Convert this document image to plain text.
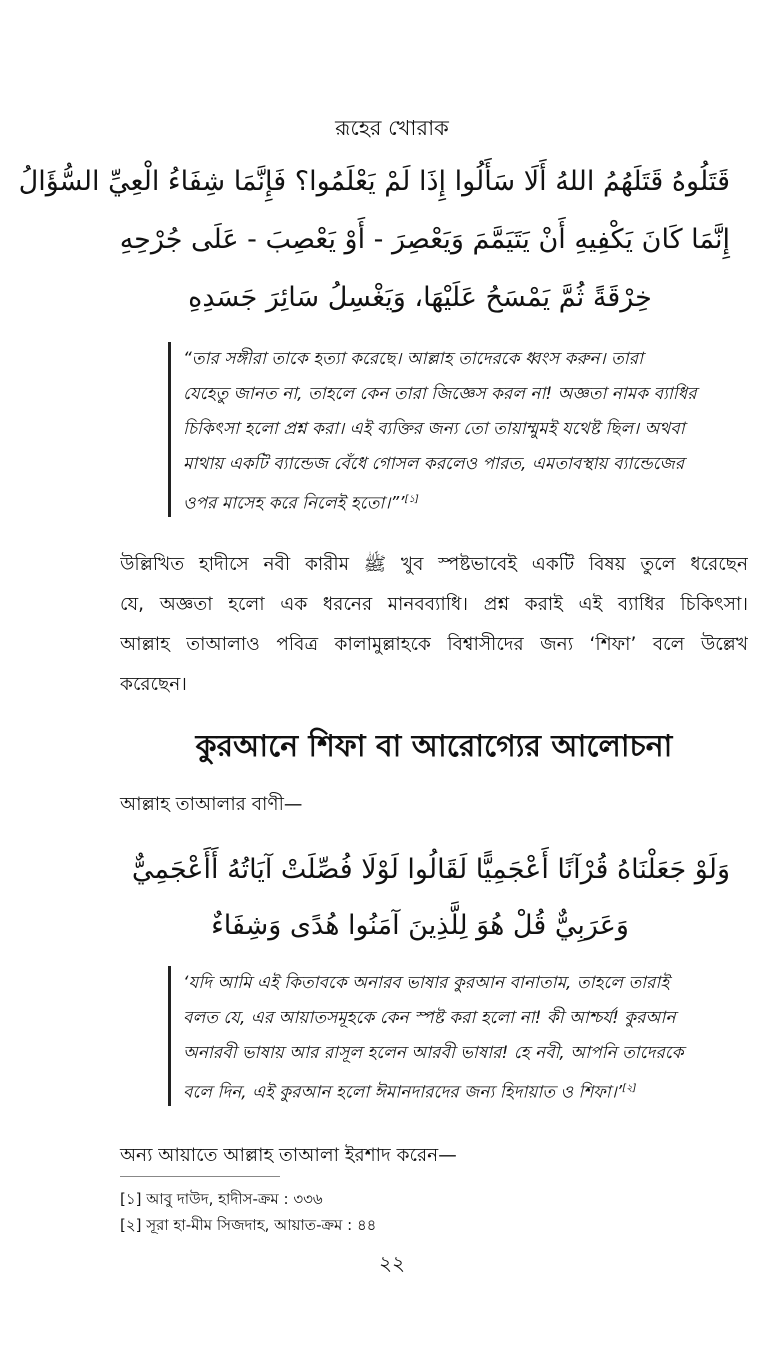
রূহের খোরাক
قَتَلُوهُ قَتَلَهُمُ اللهُ أَلَا سَأَلُوا إِذَا لَمْ يَعْلَمُوا؟ فَإِنَّمَا شِفَاءُ الْعِيِّ السُّؤَالُ
إِنَّمَا كَانَ يَكْفِيهِ أَنْ يَتَيَمَّمَ وَيَعْصِرَ - أَوْ يَعْصِبَ - عَلَى جُرْحِهِ
خِرْقَةً ثُمَّ يَمْسَحُ عَلَيْهَا، وَيَغْسِلُ سَائِرَ جَسَدِهِ
“তার সঙ্গীরা তাকে হত্যা করেছে। আল্লাহ তাদেরকে ধ্বংস করুন। তারা
যেহেতু জানত না, তাহলে কেন তারা জিজ্ঞেস করল না! অজ্ঞতা নামক ব্যাধির
চিকিৎসা হলো প্রশ্ন করা। এই ব্যক্তির জন্য তো তায়াম্মুমই যথেষ্ট ছিল। অথবা
মাথায় একটি ব্যান্ডেজ বেঁধে গোসল করলেও পারত, এমতাবস্থায় ব্যান্ডেজের
ওপর মাসেহ করে নিলেই হতো।”’[১]
উল্লিখিত হাদীসে নবী কারীম ﷺ খুব স্পষ্টভাবেই একটি বিষয় তুলে ধরেছেন
যে, অজ্ঞতা হলো এক ধরনের মানবব্যাধি। প্রশ্ন করাই এই ব্যাধির চিকিৎসা।
আল্লাহ তাআলাও পবিত্র কালামুল্লাহকে বিশ্বাসীদের জন্য ‘শিফা’ বলে উল্লেখ
করেছেন।
কুরআনে শিফা বা আরোগ্যের আলোচনা
আল্লাহ তাআলার বাণী—
وَلَوْ جَعَلْنَاهُ قُرْآنًا أَعْجَمِيًّا لَقَالُوا لَوْلَا فُصِّلَتْ آيَاتُهُ أَأَعْجَمِيٌّ
وَعَرَبِيٌّ قُلْ هُوَ لِلَّذِينَ آمَنُوا هُدًى وَشِفَاءٌ
‘যদি আমি এই কিতাবকে অনারব ভাষার কুরআন বানাতাম, তাহলে তারাই
বলত যে, এর আয়াতসমূহকে কেন স্পষ্ট করা হলো না! কী আশ্চর্য! কুরআন
অনারবী ভাষায় আর রাসূল হলেন আরবী ভাষার! হে নবী, আপনি তাদেরকে
বলে দিন, এই কুরআন হলো ঈমানদারদের জন্য হিদায়াত ও শিফা।’[২]
অন্য আয়াতে আল্লাহ তাআলা ইরশাদ করেন—
[১] আবু দাউদ, হাদীস-ক্রম : ৩৩৬
[২] সূরা হা-মীম সিজদাহ, আয়াত-ক্রম : ৪৪
২২
